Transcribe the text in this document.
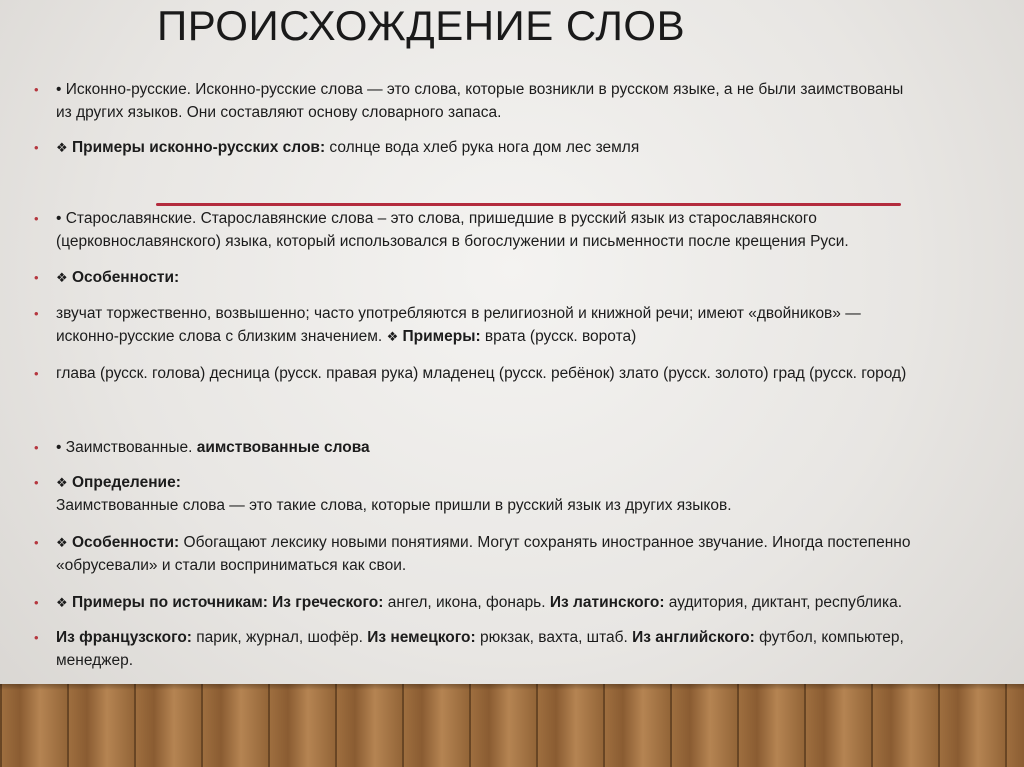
ПРОИСХОЖДЕНИЕ СЛОВ
•	• Исконно-русские. Исконно-русские слова — это слова, которые возникли в русском языке, а не были заимствованы
из других языков. Они составляют основу словарного запаса.
•	❖ Примеры исконно-русских слов: солнце вода хлеб рука нога дом лес земля
•	• Старославянские. Старославянские слова – это слова, пришедшие в русский язык из старославянского
(церковнославянского) языка, который использовался в богослужении и письменности после крещения Руси.
•	❖ Особенности:
•	звучат торжественно, возвышенно; часто употребляются в религиозной и книжной речи; имеют «двойников» —
исконно-русские слова с близким значением. ❖ Примеры: врата (русск. ворота)
•	глава (русск. голова) десница (русск. правая рука) младенец (русск. ребёнок) злато (русск. золото) град (русск. город)
•	• Заимствованные. аимствованные слова
•	❖ Определение:
Заимствованные слова — это такие слова, которые пришли в русский язык из других языков.
•	❖ Особенности: Обогащают лексику новыми понятиями. Могут сохранять иностранное звучание. Иногда постепенно
«обрусевали» и стали восприниматься как свои.
•	❖ Примеры по источникам: Из греческого: ангел, икона, фонарь. Из латинского: аудитория, диктант, республика.
•	Из французского: парик, журнал, шофёр. Из немецкого: рюкзак, вахта, штаб. Из английского: футбол, компьютер,
менеджер.
